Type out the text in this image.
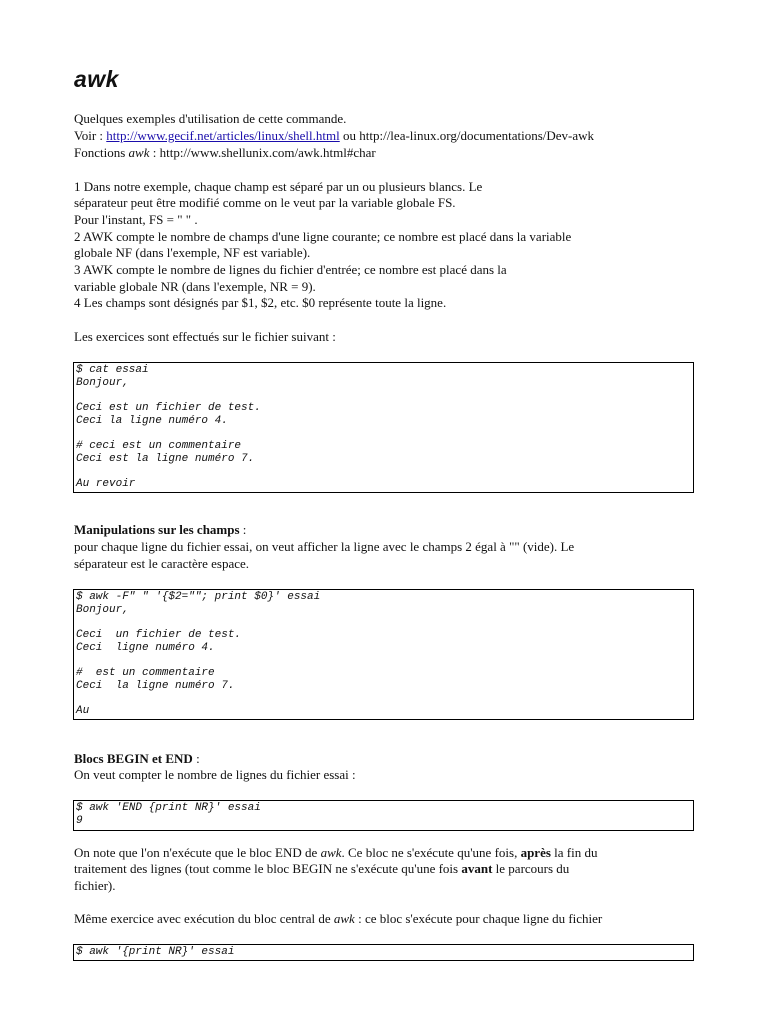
awk
Quelques exemples d'utilisation de cette commande.
Voir : http://www.gecif.net/articles/linux/shell.html ou http://lea-linux.org/documentations/Dev-awk
Fonctions awk : http://www.shellunix.com/awk.html#char
1 Dans notre exemple, chaque champ est séparé par un ou plusieurs blancs. Le
séparateur peut être modifié comme on le veut par la variable globale FS.
Pour l'instant, FS = " " .
2 AWK compte le nombre de champs d'une ligne courante; ce nombre est placé dans la variable
globale NF (dans l'exemple, NF est variable).
3 AWK compte le nombre de lignes du fichier d'entrée; ce nombre est placé dans la
variable globale NR (dans l'exemple, NR = 9).
4 Les champs sont désignés par $1, $2, etc. $0 représente toute la ligne.
Les exercices sont effectués sur le fichier suivant :
$ cat essai
Bonjour,
Ceci est un fichier de test.
Ceci la ligne numéro 4.
# ceci est un commentaire
Ceci est la ligne numéro 7.
Au revoir
Manipulations sur les champs :
pour chaque ligne du fichier essai, on veut afficher la ligne avec le champs 2 égal à "" (vide). Le
séparateur est le caractère espace.
$ awk -F" " '{$2=""; print $0}' essai
Bonjour,
Ceci  un fichier de test.
Ceci  ligne numéro 4.
#  est un commentaire
Ceci  la ligne numéro 7.
Au
Blocs BEGIN et END :
On veut compter le nombre de lignes du fichier essai :
$ awk 'END {print NR}' essai
9
On note que l'on n'exécute que le bloc END de awk. Ce bloc ne s'exécute qu'une fois, après la fin du
traitement des lignes (tout comme le bloc BEGIN ne s'exécute qu'une fois avant le parcours du
fichier).
Même exercice avec exécution du bloc central de awk : ce bloc s'exécute pour chaque ligne du fichier
$ awk '{print NR}' essai
